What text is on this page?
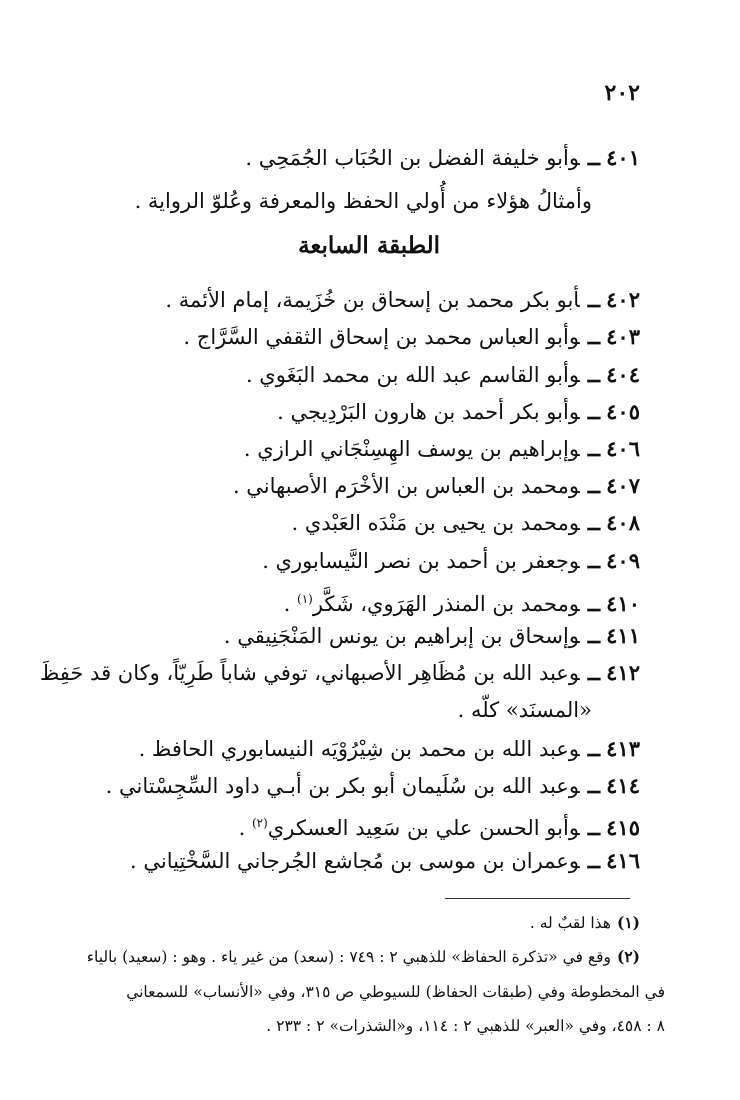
٢٠٢
٤٠١ــوأبو خليفة الفضل بن الحُبَاب الجُمَحِي .
وأمثالُ هؤلاء من أُولي الحفظ والمعرفة وعُلوّ الرواية .
الطبقة السابعة
٤٠٢ــأبو بكر محمد بن إسحاق بن خُزَيمة، إمام الأئمة .
٤٠٣ــوأبو العباس محمد بن إسحاق الثقفي السَّرَّاج .
٤٠٤ــوأبو القاسم عبد الله بن محمد البَغَوي .
٤٠٥ــوأبو بكر أحمد بن هارون البَرْدِيجي .
٤٠٦ــوإبراهيم بن يوسف الهِسِنْجَاني الرازي .
٤٠٧ــومحمد بن العباس بن الأخْرَم الأصبهاني .
٤٠٨ــومحمد بن يحيى بن مَنْدَه العَبْدي .
٤٠٩ــوجعفر بن أحمد بن نصر النَّيسابوري .
٤١٠ــومحمد بن المنذر الهَرَوي، شَكَّر$^{(١)}$ .
٤١١ــوإسحاق بن إبراهيم بن يونس المَنْجَنِيقي .
٤١٢ــوعبد الله بن مُظَاهِر الأصبهاني، توفي شاباً طَرِيّاً، وكان قد حَفِظَ
«المسنَد» كلّه .
٤١٣ــوعبد الله بن محمد بن شِيْرُوْيَه النيسابوري الحافظ .
٤١٤ــوعبد الله بن سُلَيمان أبو بكر بن أبـي داود السِّجِسْتاني .
٤١٥ــوأبو الحسن علي بن سَعِيد العسكري$^{(٢)}$ .
٤١٦ــوعمران بن موسى بن مُجاشع الجُرجاني السَّخْتِياني .
(١)هذا لقبٌ له .
(٢)وقع في «تذكرة الحفاظ» للذهبي ٢ : ٧٤٩ : (سعد) من غير ياء . وهو : (سعيد) بالياء
في المخطوطة وفي (طبقات الحفاظ) للسيوطي ص ٣١٥، وفي «الأنساب» للسمعاني
٨ : ٤٥٨، وفي «العبر» للذهبي ٢ : ١١٤، و«الشذرات» ٢ : ٢٣٣ .
